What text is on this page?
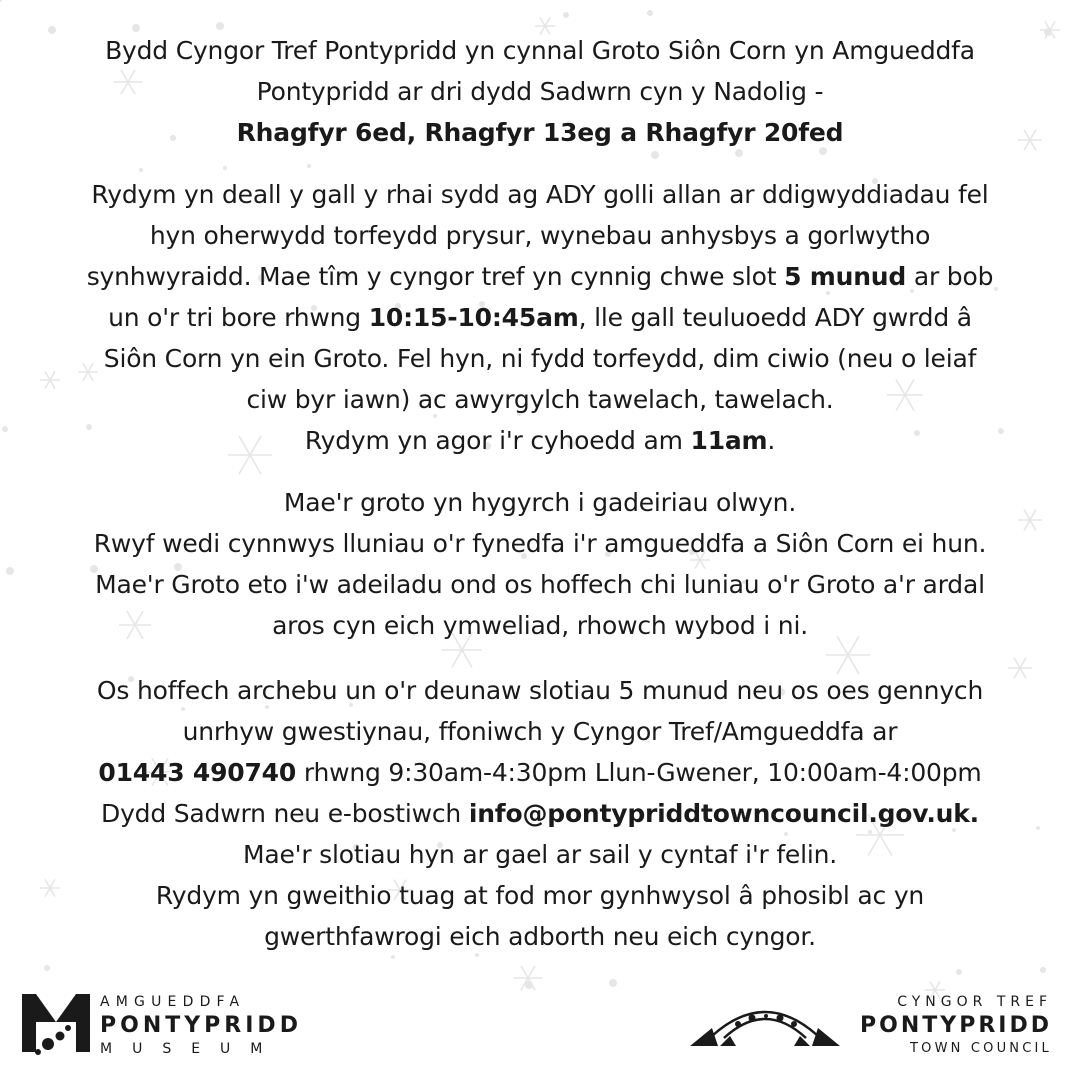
Bydd Cyngor Tref Pontypridd yn cynnal Groto Siôn Corn yn Amgueddfa
Pontypridd ar dri dydd Sadwrn cyn y Nadolig -
Rhagfyr 6ed, Rhagfyr 13eg a Rhagfyr 20fed
Rydym yn deall y gall y rhai sydd ag ADY golli allan ar ddigwyddiadau fel
hyn oherwydd torfeydd prysur, wynebau anhysbys a gorlwytho
synhwyraidd. Mae tîm y cyngor tref yn cynnig chwe slot 5 munud ar bob
un o'r tri bore rhwng 10:15-10:45am, lle gall teuluoedd ADY gwrdd â
Siôn Corn yn ein Groto. Fel hyn, ni fydd torfeydd, dim ciwio (neu o leiaf
ciw byr iawn) ac awyrgylch tawelach, tawelach.
Rydym yn agor i'r cyhoedd am 11am.
Mae'r groto yn hygyrch i gadeiriau olwyn.
Rwyf wedi cynnwys lluniau o'r fynedfa i'r amgueddfa a Siôn Corn ei hun.
Mae'r Groto eto i'w adeiladu ond os hoffech chi luniau o'r Groto a'r ardal
aros cyn eich ymweliad, rhowch wybod i ni.
Os hoffech archebu un o'r deunaw slotiau 5 munud neu os oes gennych
unrhyw gwestiynau, ffoniwch y Cyngor Tref/Amgueddfa ar
01443 490740 rhwng 9:30am-4:30pm Llun-Gwener, 10:00am-4:00pm
Dydd Sadwrn neu e-bostiwch info@pontypriddtowncouncil.gov.uk.
Mae'r slotiau hyn ar gael ar sail y cyntaf i'r felin.
Rydym yn gweithio tuag at fod mor gynhwysol â phosibl ac yn
gwerthfawrogi eich adborth neu eich cyngor.
AMGUEDDFA
PONTYPRIDD
MUSEUM
CYNGOR TREF
PONTYPRIDD
TOWN COUNCIL
